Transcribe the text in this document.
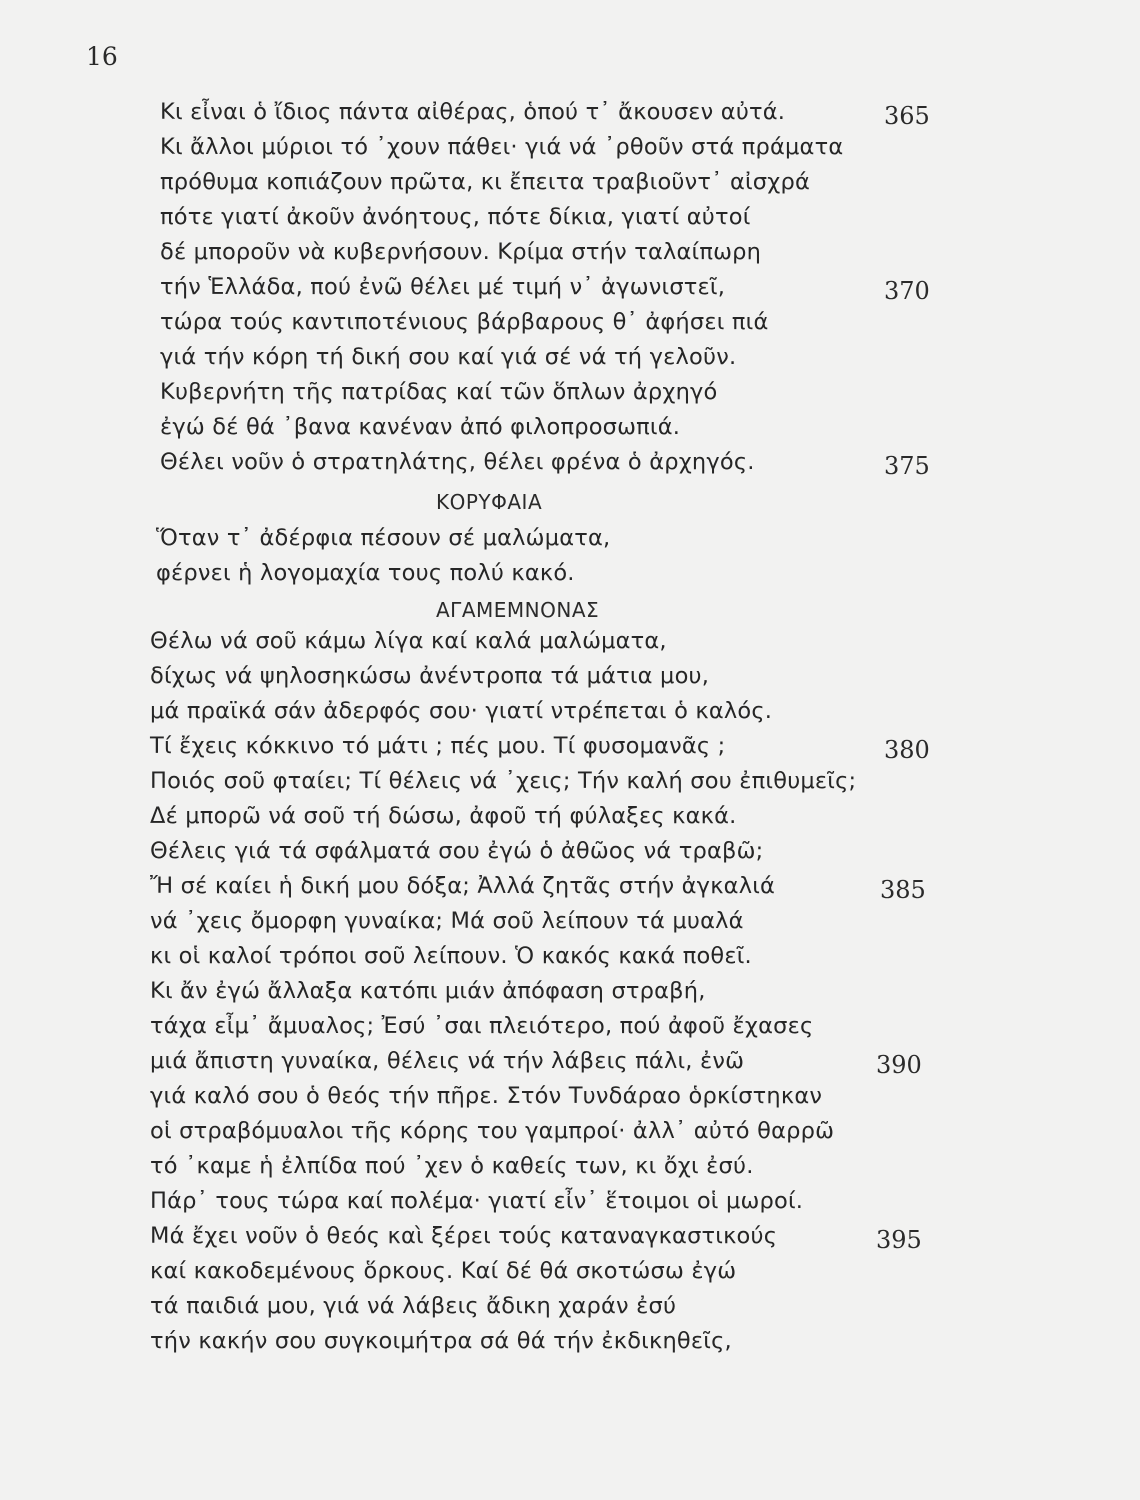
16
Κι εἶναι ὁ ἴδιος πάντα αἰθέρας, ὁπού τ᾽ ἄκουσεν αὐτά.	365
Κι ἄλλοι μύριοι τό ᾽χουν πάθει· γιά νά ᾽ρθοῦν στά πράματα
πρόθυμα κοπιάζουν πρῶτα, κι ἔπειτα τραβιοῦντ᾽ αἰσχρά
πότε γιατί ἀκοῦν ἀνόητους, πότε δίκια, γιατί αὐτοί
δέ μποροῦν νὰ κυβερνήσουν. Κρίμα στήν ταλαίπωρη
τήν Ἑλλάδα, πού ἐνῶ θέλει μέ τιμή ν᾽ ἀγωνιστεῖ,	370
τώρα τούς καντιποτένιους βάρβαρους θ᾽ ἀφήσει πιά
γιά τήν κόρη τή δική σου καί γιά σέ νά τή γελοῦν.
Κυβερνήτη τῆς πατρίδας καί τῶν ὅπλων ἀρχηγό
ἐγώ δέ θά ᾽βανα κανέναν ἀπό φιλοπροσωπιά.
Θέλει νοῦν ὁ στρατηλάτης, θέλει φρένα ὁ ἀρχηγός.	375
ΚΟΡΥΦΑΙΑ
Ὅταν τ᾽ ἀδέρφια πέσουν σέ μαλώματα,
φέρνει ἡ λογομαχία τους πολύ κακό.
ΑΓΑΜΕΜΝΟΝΑΣ
Θέλω νά σοῦ κάμω λίγα καί καλά μαλώματα,
δίχως νά ψηλοσηκώσω ἀνέντροπα τά μάτια μου,
μά πραϊκά σάν ἀδερφός σου· γιατί ντρέπεται ὁ καλός.
Τί ἔχεις κόκκινο τό μάτι ; πές μου. Τί φυσομανᾶς ;	380
Ποιός σοῦ φταίει; Τί θέλεις νά ᾽χεις; Τήν καλή σου ἐπιθυμεῖς;
Δέ μπορῶ νά σοῦ τή δώσω, ἀφοῦ τή φύλαξες κακά.
Θέλεις γιά τά σφάλματά σου ἐγώ ὁ ἀθῶος νά τραβῶ;
Ἤ σέ καίει ἡ δική μου δόξα; Ἀλλά ζητᾶς στήν ἀγκαλιά	385
νά ᾽χεις ὄμορφη γυναίκα; Μά σοῦ λείπουν τά μυαλά
κι οἱ καλοί τρόποι σοῦ λείπουν. Ὁ κακός κακά ποθεῖ.
Κι ἄν ἐγώ ἄλλαξα κατόπι μιάν ἀπόφαση στραβή,
τάχα εἶμ᾽ ἄμυαλος; Ἐσύ ᾽σαι πλειότερο, πού ἀφοῦ ἔχασες
μιά ἄπιστη γυναίκα, θέλεις νά τήν λάβεις πάλι, ἐνῶ	390
γιά καλό σου ὁ θεός τήν πῆρε. Στόν Τυνδάραο ὁρκίστηκαν
οἱ στραβόμυαλοι τῆς κόρης του γαμπροί· ἀλλ᾽ αὐτό θαρρῶ
τό ᾽καμε ἡ ἐλπίδα πού ᾽χεν ὁ καθείς των, κι ὄχι ἐσύ.
Πάρ᾽ τους τώρα καί πολέμα· γιατί εἶν᾽ ἕτοιμοι οἱ μωροί.
Μά ἔχει νοῦν ὁ θεός καὶ ξέρει τούς καταναγκαστικούς	395
καί κακοδεμένους ὅρκους. Καί δέ θά σκοτώσω ἐγώ
τά παιδιά μου, γιά νά λάβεις ἄδικη χαράν ἐσύ
τήν κακήν σου συγκοιμήτρα σά θά τήν ἐκδικηθεῖς,
